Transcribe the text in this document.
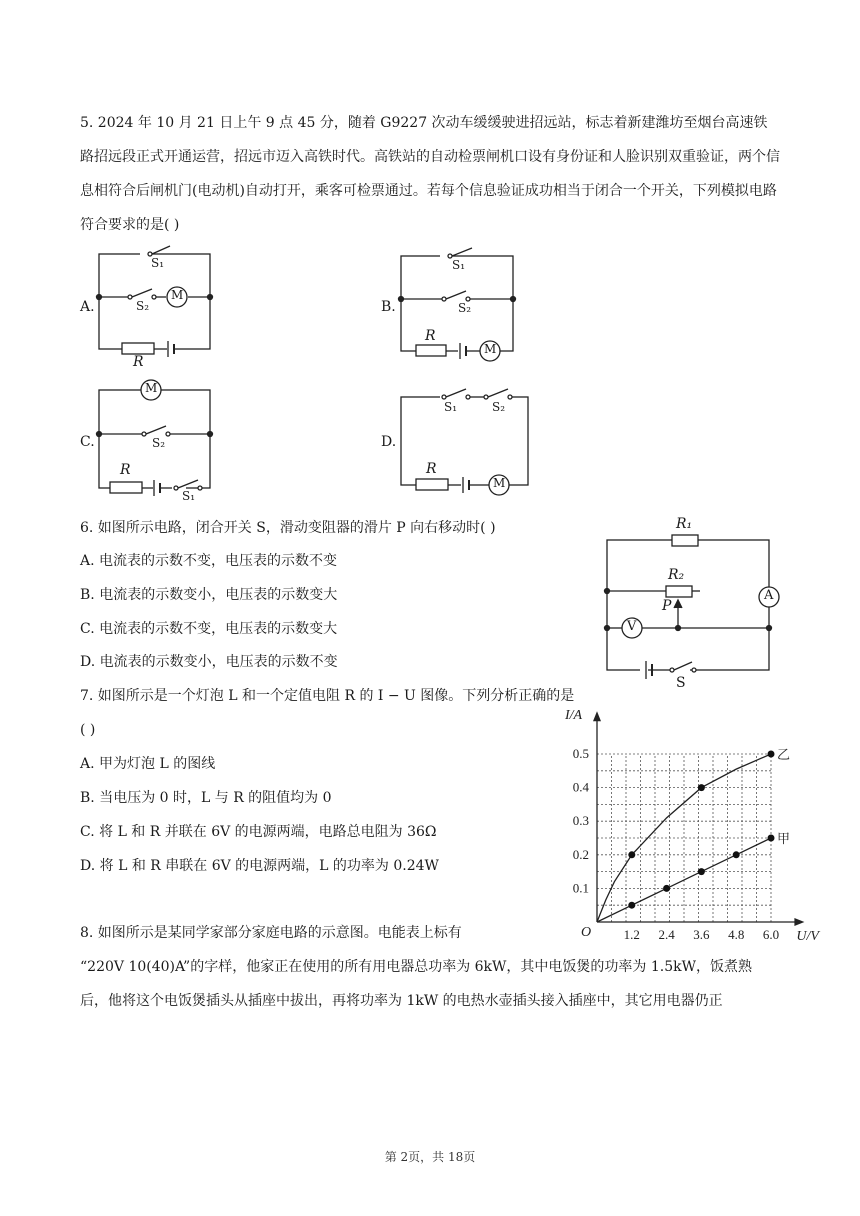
5. 2024 年 10 月 21 日上午 9 点 45 分，随着 G9227 次动车缓缓驶进招远站，标志着新建潍坊至烟台高速铁路招远段正式开通运营，招远市迈入高铁时代。高铁站的自动检票闸机口设有身份证和人脸识别双重验证，两个信息相符合后闸机门(电动机)自动打开，乘客可检票通过。若每个信息验证成功相当于闭合一个开关，下列模拟电路符合要求的是( )
A.	B.
C.	D.
S₁
S₂
M
R
S₁
S₂
R
M
M
S₂
R
S₁
S₁	S₂
R
M
6. 如图所示电路，闭合开关 S，滑动变阻器的滑片 P 向右移动时( )
A. 电流表的示数不变，电压表的示数不变
B. 电流表的示数变小，电压表的示数变大
C. 电流表的示数不变，电压表的示数变大
D. 电流表的示数变小，电压表的示数不变
R₁
R₂
P
A
V
S
7. 如图所示是一个灯泡 L 和一个定值电阻 R 的 I − U 图像。下列分析正确的是
( )
A. 甲为灯泡 L 的图线
B. 当电压为 0 时，L 与 R 的阻值均为 0
C. 将 L 和 R 并联在 6V 的电源两端，电路总电阻为 36Ω
D. 将 L 和 R 串联在 6V 的电源两端，L 的功率为 0.24W
1.2 2.4 3.6 4.8 6.0
0.1
0.2
0.3
0.4
0.5
U/V
I/A
O
甲
乙
8. 如图所示是某同学家部分家庭电路的示意图。电能表上标有
“220V 10(40)A”的字样，他家正在使用的所有用电器总功率为 6kW，其中电饭煲的功率为 1.5kW，饭煮熟后，他将这个电饭煲插头从插座中拔出，再将功率为 1kW 的电热水壶插头接入插座中，其它用电器仍正
第 2页，共 18页
